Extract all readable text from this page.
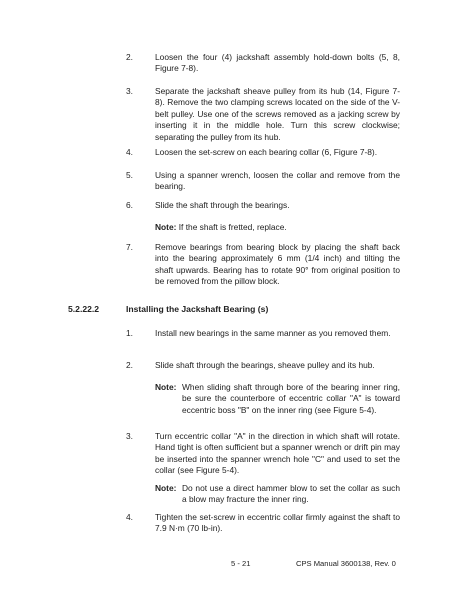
2.	Loosen the four (4) jackshaft assembly hold-down bolts (5, 8, Figure 7-8).
3.	Separate the jackshaft sheave pulley from its hub (14, Figure 7-8). Remove the two clamping screws located on the side of the V-belt pulley. Use one of the screws removed as a jacking screw by inserting it in the middle hole. Turn this screw clockwise; separating the pulley from its hub.
4.	Loosen the set-screw on each bearing collar (6, Figure 7-8).
5.	Using a spanner wrench, loosen the collar and remove from the bearing.
6.	Slide the shaft through the bearings.
Note: If the shaft is fretted, replace.
7.	Remove bearings from bearing block by placing the shaft back into the bearing approximately 6 mm (1/4 inch) and tilting the shaft upwards. Bearing has to rotate 90° from original position to be removed from the pillow block.
5.2.22.2	Installing the Jackshaft Bearing (s)
1.	Install new bearings in the same manner as you removed them.
2.	Slide shaft through the bearings, sheave pulley and its hub.
Note: When sliding shaft through bore of the bearing inner ring, be sure the counterbore of eccentric collar "A" is toward eccentric boss "B" on the inner ring (see Figure 5-4).
3.	Turn eccentric collar "A" in the direction in which shaft will rotate. Hand tight is often sufficient but a spanner wrench or drift pin may be inserted into the spanner wrench hole "C" and used to set the collar (see Figure 5-4).
Note: Do not use a direct hammer blow to set the collar as such a blow may fracture the inner ring.
4.	Tighten the set-screw in eccentric collar firmly against the shaft to 7.9 N·m (70 lb-in).
5 - 21	CPS Manual 3600138, Rev. 0
